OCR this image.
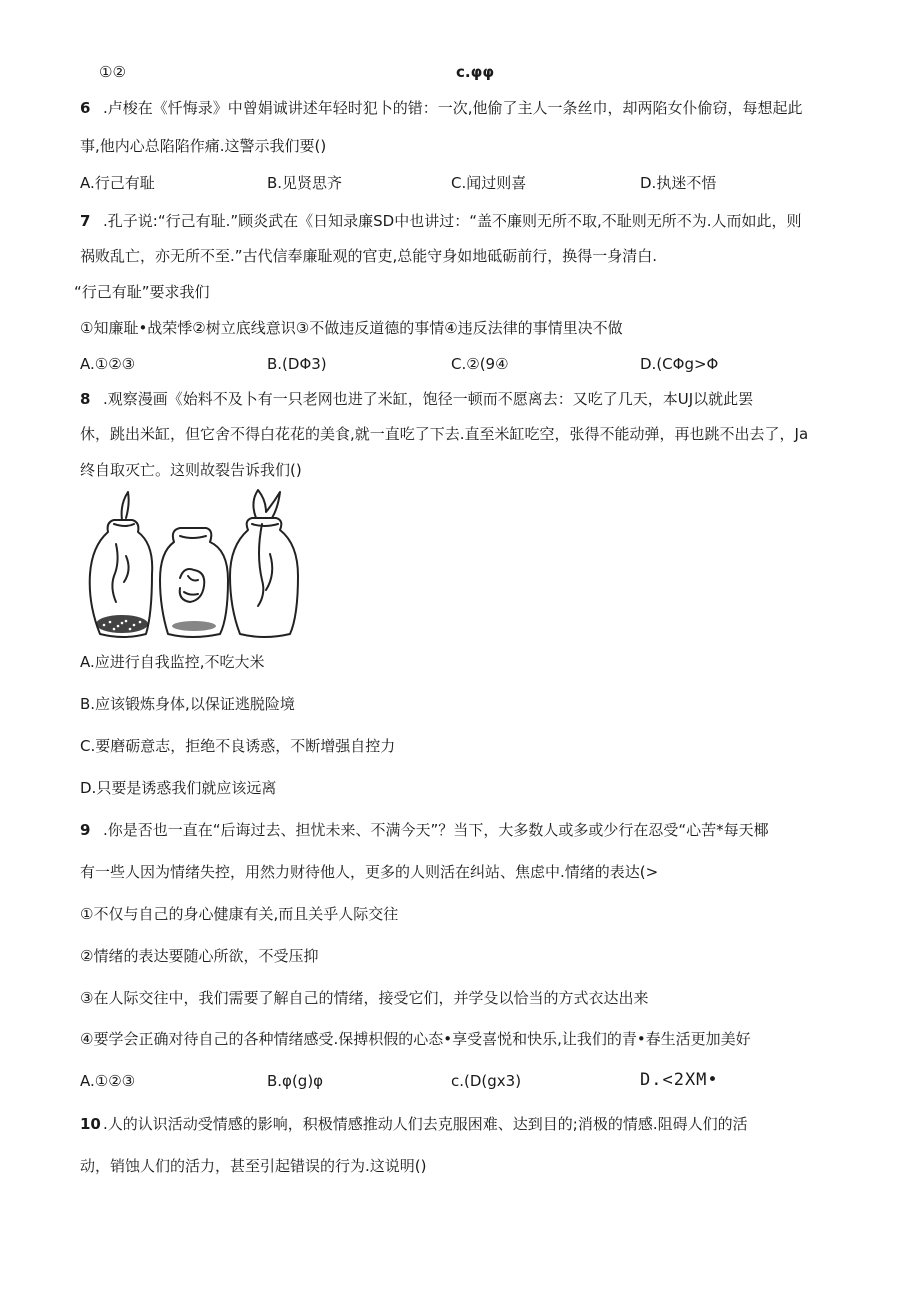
①②	c.φφ
6 .卢梭在《忏悔录》中曾娟诚讲述年轻时犯卜的错：一次,他偷了主人一条丝巾，却两陷女仆偷窃，每想起此
事,他内心总陷陷作痛.这警示我们要()
A.行己有耻	B.见贤思齐	C.闻过则喜	D.执迷不悟
7 .孔子说:“行己有耻.”顾炎武在《日知录廉SD中也讲过：“盖不廉则无所不取,不耻则无所不为.人而如此，则
祸败乱亡，亦无所不至.”古代信奉廉耻观的官吏,总能守身如地砥砺前行，换得一身清白.
“行己有耻”要求我们
①知廉耻•战荣悸②树立底线意识③不做违反道德的事情④违反法律的事情里决不做
A.①②③	B.(DΦ3)	C.②(9④	D.(CΦg>Φ
8 .观察漫画《始料不及卜有一只老网也进了米缸，饱径一顿而不愿离去：又吃了几天，本UJ以就此罢
休，跳出米缸，但它舍不得白花花的美食,就一直吃了下去.直至米缸吃空，张得不能动弹，再也跳不出去了，Ja
终自取灭亡。这则故裂告诉我们()
A.应进行自我监控,不吃大米
B.应该锻炼身体,以保证逃脱险境
C.要磨砺意志，拒绝不良诱惑，不断增强自控力
D.只要是诱惑我们就应该远离
9 .你是否也一直在“后诲过去、担忧未来、不满今天”？当下，大多数人或多或少行在忍受“心苦*每天椰
有一些人因为情绪失控，用然力财待他人，更多的人则活在纠站、焦虑中.情绪的表达(>
①不仅与自己的身心健康有关,而且关乎人际交往
②情绪的表达要随心所欲，不受压抑
③在人际交往中，我们需要了解自己的情绪，接受它们，并学殳以恰当的方式衣达出来
④要学会正确对待自己的各种情绪感受.保搏枳假的心态•享受喜悦和快乐,让我们的青•春生活更加美好
A.①②③	B.φ(g)φ	c.(D(gx3)	D.<2XM•
10 .人的认识活动受情感的影响，积极情感推动人们去克服困难、达到目的;消极的情感.阻碍人们的活
动，销蚀人们的活力，甚至引起错误的行为.这说明()
